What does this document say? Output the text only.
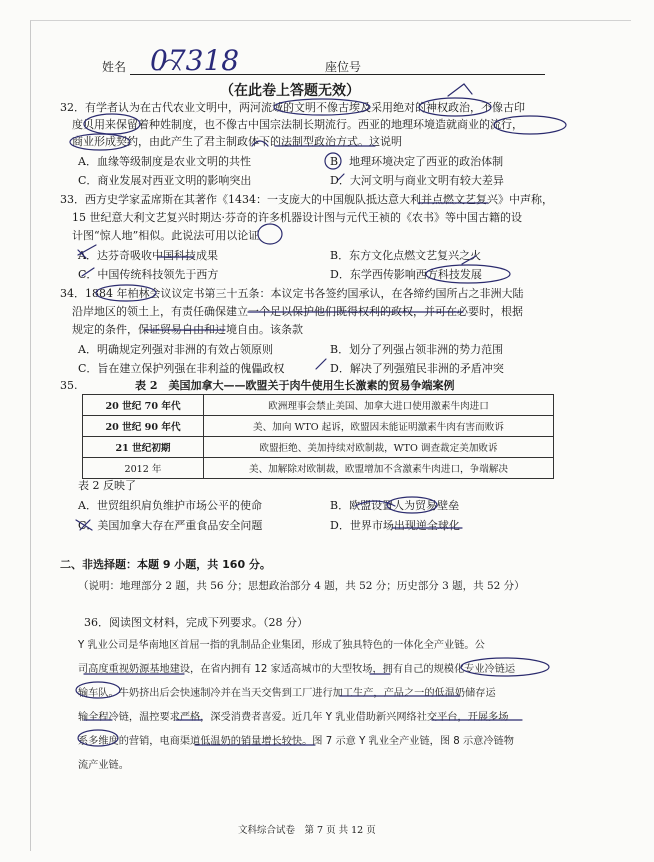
姓名 07318	座位号
（在此卷上答题无效）
32．有学者认为在古代农业文明中，两河流域的文明不像古埃及采用绝对的神权政治，不像古印
度贝用来保留着种姓制度，也不像古中国宗法制长期流行。西亚的地理环境造就商业的流行，
商业形成契约，由此产生了君主制政体下的法制型政治方式。这说明
A．血缘等级制度是农业文明的共性	B．地理环境决定了西亚的政治体制
C．商业发展对西亚文明的影响突出	D．大河文明与商业文明有较大差异
33．西方史学家孟席斯在其著作《1434：一支庞大的中国舰队抵达意大利并点燃文艺复兴》中声称，
15 世纪意大利文艺复兴时期达·芬奇的许多机器设计图与元代王祯的《农书》等中国古籍的设
计图“惊人地”相似。此说法可用以论证
A．达芬奇吸收中国科技成果	B．东方文化点燃文艺复兴之火
C．中国传统科技领先于西方	D．东学西传影响西方科技发展
34．1884 年柏林会议议定书第三十五条：本议定书各签约国承认，在各缔约国所占之非洲大陆
沿岸地区的领土上，有责任确保建立一个足以保护他们既得权利的政权，并可在必要时，根据
规定的条件，保证贸易自由和过境自由。该条款
A．明确规定列强对非洲的有效占领原则	B．划分了列强占领非洲的势力范围
C．旨在建立保护列强在非利益的傀儡政权	D．解决了列强殖民非洲的矛盾冲突
35.	表 2　美国加拿大——欧盟关于肉牛使用生长激素的贸易争端案例
20 世纪 70 年代	欧洲理事会禁止美国、加拿大进口使用激素牛肉进口
20 世纪 90 年代	美、加向 WTO 起诉，欧盟因未能证明激素牛肉有害而败诉
21 世纪初期	欧盟拒绝、美加持续对欧制裁，WTO 调查裁定美加败诉
2012 年	美、加解除对欧制裁，欧盟增加不含激素牛肉进口，争端解决
表 2 反映了
A．世贸组织肩负维护市场公平的使命	B．欧盟设置人为贸易壁垒
C．美国加拿大存在严重食品安全问题	D．世界市场出现逆全球化
二、非选择题：本题 9 小题，共 160 分。
（说明：地理部分 2 题，共 56 分；思想政治部分 4 题，共 52 分；历史部分 3 题，共 52 分）
36．阅读图文材料，完成下列要求。（28 分）
Y 乳业公司是华南地区首屈一指的乳制品企业集团，形成了独具特色的一体化全产业链。公
司高度重视奶源基地建设，在省内拥有 12 家适高城市的大型牧场，拥有自己的规模化专业冷链运
输车队。牛奶挤出后会快速制冷并在当天交售到工厂进行加工生产，产品之一的低温奶储存运
输全程冷链，温控要求严格，深受消费者喜爱。近几年 Y 乳业借助新兴网络社交平台，开展多场
系多维度的营销，电商渠道低温奶的销量增长较快。图 7 示意 Y 乳业全产业链，图 8 示意冷链物
流产业链。
文科综合试卷　第 7 页 共 12 页
